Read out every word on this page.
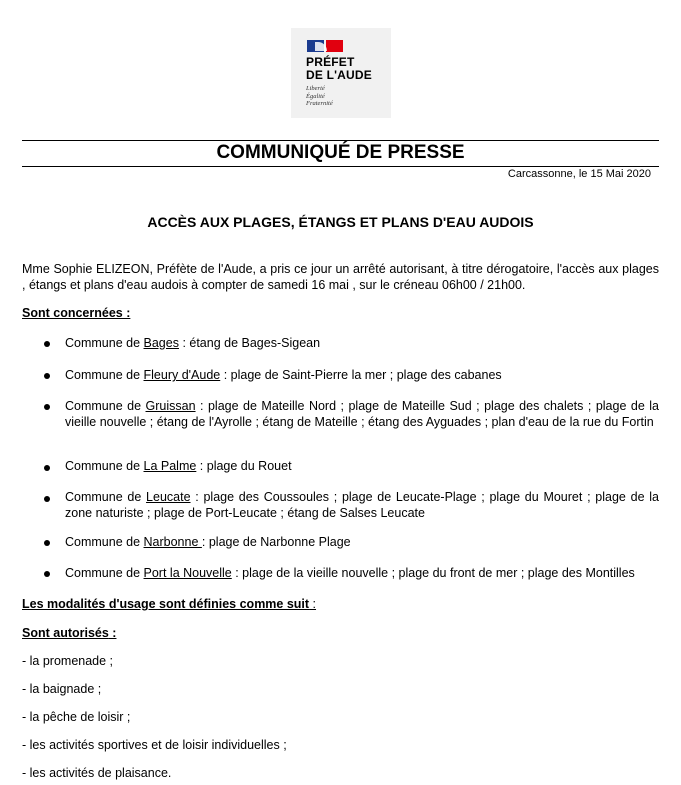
PRÉFET
DE L'AUDE
Liberté
Égalité
Fraternité
COMMUNIQUÉ DE PRESSE
Carcassonne, le 15 Mai 2020
ACCÈS AUX PLAGES, ÉTANGS ET PLANS D'EAU AUDOIS
Mme Sophie ELIZEON, Préfète de l'Aude, a pris ce jour un arrêté autorisant, à titre dérogatoire, l'accès aux plages , étangs et plans d'eau audois à compter de samedi 16 mai , sur le créneau 06h00 / 21h00.
Sont concernées :
Commune de Bages : étang de Bages-Sigean
Commune de Fleury d'Aude : plage de Saint-Pierre la mer ; plage des cabanes
Commune de Gruissan : plage de Mateille Nord ; plage de Mateille Sud ; plage des chalets ; plage de la vieille nouvelle ; étang de l'Ayrolle ; étang de Mateille ; étang des Ayguades ; plan d'eau de la rue du Fortin
Commune de La Palme : plage du Rouet
Commune de Leucate : plage des Coussoules ; plage de Leucate-Plage ; plage du Mouret ; plage de la zone naturiste ; plage de Port-Leucate ; étang de Salses Leucate
Commune de Narbonne : plage de Narbonne Plage
Commune de Port la Nouvelle : plage de la vieille nouvelle ; plage du front de mer ; plage des Montilles
Les modalités d'usage sont définies comme suit :
Sont autorisés :
- la promenade ;
- la baignade ;
- la pêche de loisir ;
- les activités sportives et de loisir individuelles ;
- les activités de plaisance.
